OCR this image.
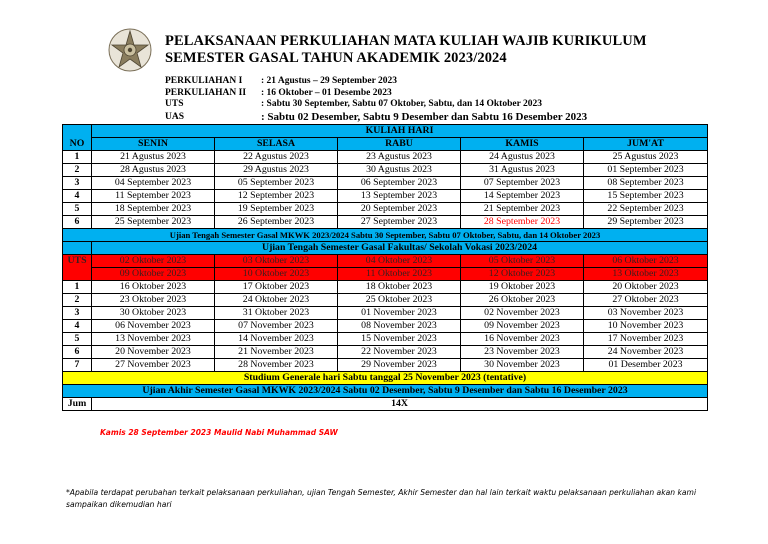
PELAKSANAAN PERKULIAHAN MATA KULIAH WAJIB KURIKULUM
SEMESTER GASAL TAHUN AKADEMIK 2023/2024
PERKULIAHAN I	: 21 Agustus – 29 September 2023
PERKULIAHAN II	: 16 Oktober – 01 Desembe 2023
UTS	: Sabtu 30 September, Sabtu 07 Oktober, Sabtu, dan 14 Oktober 2023
UAS	: Sabtu 02 Desember, Sabtu 9 Desember dan Sabtu 16 Desember 2023
NO	KULIAH HARI				
	SENIN	SELASA	RABU	KAMIS	JUM'AT
1	21 Agustus 2023	22 Agustus 2023	23 Agustus 2023	24 Agustus 2023	25 Agustus 2023
2	28 Agustus 2023	29 Agustus 2023	30 Agustus 2023	31 Agustus 2023	01 September 2023
3	04 September 2023	05 September 2023	06 September 2023	07 September 2023	08 September 2023
4	11 September 2023	12 September 2023	13 September 2023	14 September 2023	15 September 2023
5	18 September 2023	19 September 2023	20 September 2023	21 September 2023	22 September 2023
6	25 September 2023	26 September 2023	27 September 2023	28 September 2023	29 September 2023
Ujian Tengah Semester Gasal MKWK 2023/2024 Sabtu 30 September, Sabtu 07 Oktober, Sabtu, dan 14 Oktober 2023					
	Ujian Tengah Semester Gasal Fakultas/ Sekolah Vokasi 2023/2024				
UTS	02 Oktober 2023	03 Oktober 2023	04 Oktober 2023	05 Oktober 2023	06 Oktober 2023
	09 Oktober 2023	10 Oktober 2023	11 Oktober 2023	12 Oktober 2023	13 Oktober 2023
1	16 Oktober 2023	17 Oktober 2023	18 Oktober 2023	19 Oktober 2023	20 Oktober 2023
2	23 Oktober 2023	24 Oktober 2023	25 Oktober 2023	26 Oktober 2023	27 Oktober 2023
3	30 Oktober 2023	31 Oktober 2023	01 November 2023	02 November 2023	03 November 2023
4	06 November 2023	07 November 2023	08 November 2023	09 November 2023	10 November 2023
5	13 November 2023	14 November 2023	15 November 2023	16 November 2023	17 November 2023
6	20 November 2023	21 November 2023	22 November 2023	23 November 2023	24 November 2023
7	27 November 2023	28 November 2023	29 November 2023	30 November 2023	01 Desember 2023
Studium Generale hari Sabtu tanggal 25 November 2023 (tentative)					
Ujian Akhir Semester Gasal MKWK 2023/2024 Sabtu 02 Desember, Sabtu 9 Desember dan Sabtu 16 Desember 2023					
Jum	14X				
Kamis 28 September 2023 Maulid Nabi Muhammad SAW
*Apabila terdapat perubahan terkait pelaksanaan perkuliahan, ujian Tengah Semester, Akhir Semester dan hal lain terkait waktu pelaksanaan perkuliahan akan kami sampaikan dikemudian hari
